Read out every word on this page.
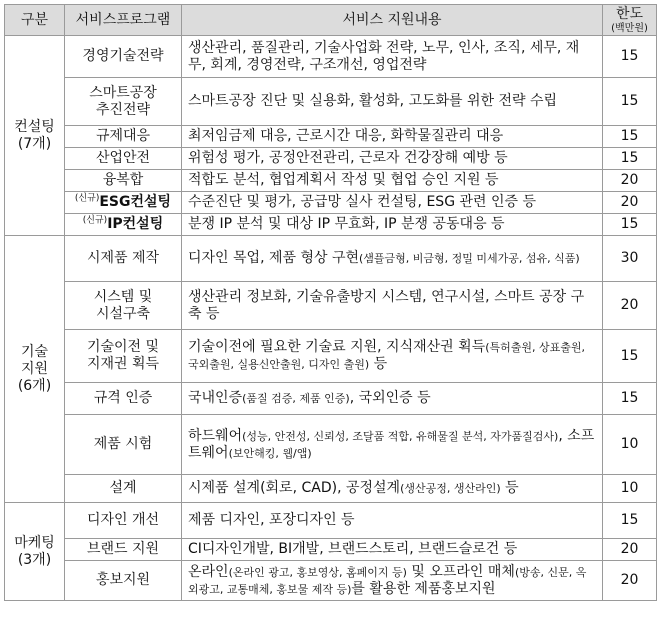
구분	서비스프로그램	서비스 지원내용	한도
(백만원)

컨설팅
(7개)	경영기술전략	생산관리, 품질관리, 기술사업화 전략, 노무, 인사, 조직, 세무, 재무, 회계, 경영전략, 구조개선, 영업전략	15

	스마트공장
추진전략	스마트공장 진단 및 실용화, 활성화, 고도화를 위한 전략 수립	15
	규제대응	최저임금제 대응, 근로시간 대응, 화학물질관리 대응	15
	산업안전	위험성 평가, 공정안전관리, 근로자 건강장해 예방 등	15
	융복합	적합도 분석, 협업계획서 작성 및 협업 승인 지원 등	20
	$^{(신규)}$ESG컨설팅	수준진단 및 평가, 공급망 실사 컨설팅, ESG 관련 인증 등	20
	$^{(신규)}$IP컨설팅	분쟁 IP 분석 및 대상 IP 무효화, IP 분쟁 공동대응 등	15

기술
지원
(6개)	시제품 제작	디자인 목업, 제품 형상 구현(샘플금형, 비금형, 정밀 미세가공, 섬유, 식품)	30

	시스템 및
시설구축	생산관리 정보화, 기술유출방지 시스템, 연구시설, 스마트 공장 구축 등	20

	기술이전 및
지재권 획득	기술이전에 필요한 기술료 지원, 지식재산권 획득(특허출원, 상표출원, 국외출원, 실용신안출원, 디자인 출원) 등	15
	규격 인증	국내인증(품질 검증, 제품 인증), 국외인증 등	15
	제품 시험	하드웨어(성능, 안전성, 신뢰성, 조달품 적합, 유해물질 분석, 자가품질검사), 소프트웨어(보안해킹, 웹/앱)	10
	설계	시제품 설계(회로, CAD), 공정설계(생산공정, 생산라인) 등	10

마케팅
(3개)	디자인 개선	제품 디자인, 포장디자인 등	15
	브랜드 지원	CI디자인개발, BI개발, 브랜드스토리, 브랜드슬로건 등	20
	홍보지원	온라인(온라인 광고, 홍보영상, 홈페이지 등) 및 오프라인 매체(방송, 신문, 옥외광고, 교통매체, 홍보물 제작 등)를 활용한 제품홍보지원	20
